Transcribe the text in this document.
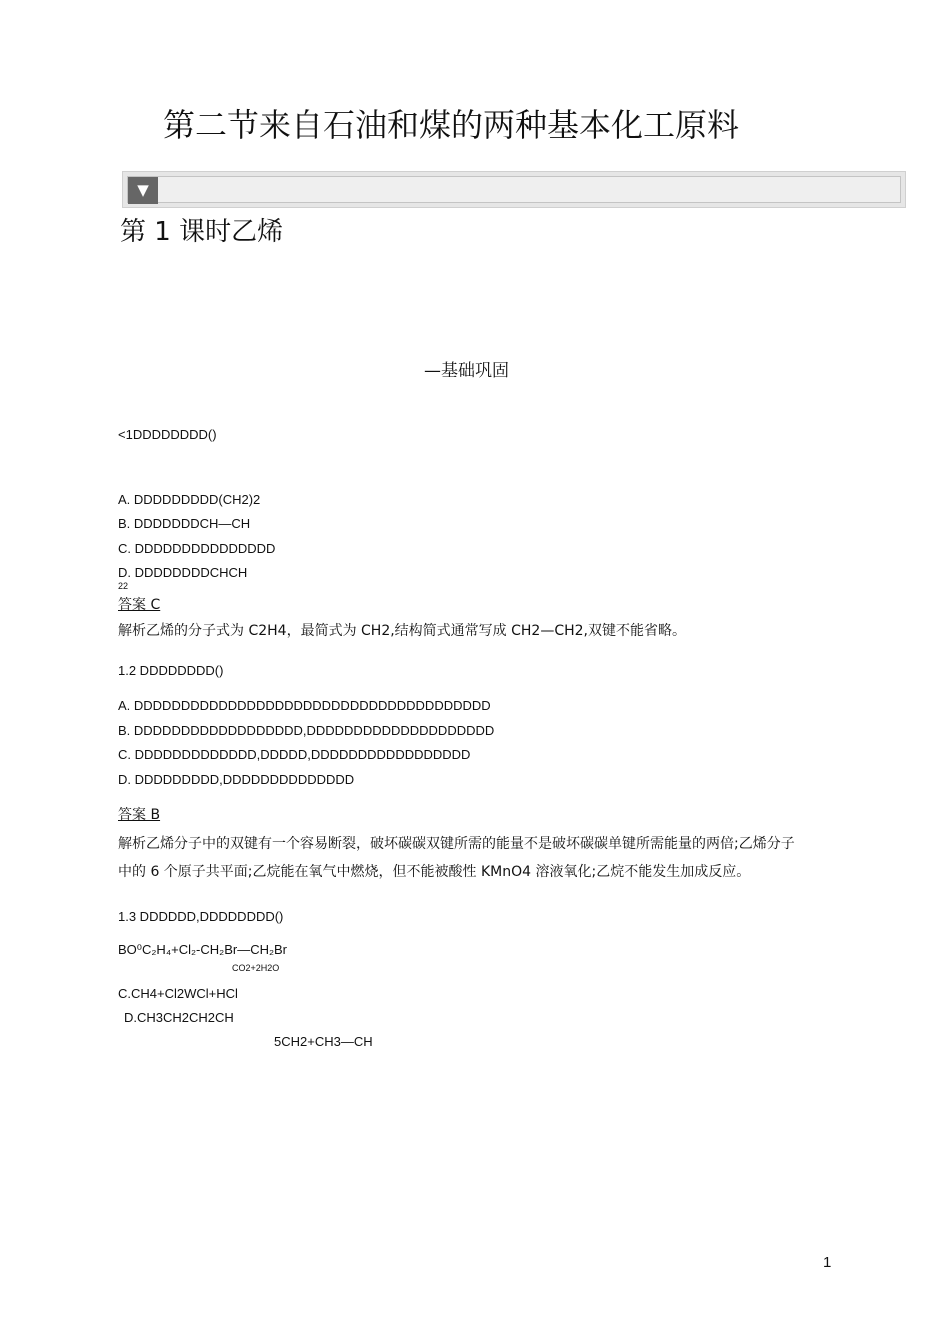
第二节来自石油和煤的两种基本化工原料
▼
第 1 课时乙烯
—基础巩固
<1DDDDDDDD()
A. DDDDDDDDD(CH2)2
B. DDDDDDDCH—CH
C. DDDDDDDDDDDDDDD
D. DDDDDDDDCHCH
22
答案 C
解析乙烯的分子式为 C2H4，最简式为 CH2,结构简式通常写成 CH2—CH2,双键不能省略。
1.2 DDDDDDDD()
A. DDDDDDDDDDDDDDDDDDDDDDDDDDDDDDDDDDDDDD
B. DDDDDDDDDDDDDDDDDD,DDDDDDDDDDDDDDDDDDDD
C. DDDDDDDDDDDDD,DDDDD,DDDDDDDDDDDDDDDDD
D. DDDDDDDDD,DDDDDDDDDDDDDD
答案 B
解析乙烯分子中的双键有一个容易断裂，破坏碳碳双键所需的能量不是破坏碳碳单键所需能量的两倍;乙烯分子
中的 6 个原子共平面;乙烷能在氧气中燃烧，但不能被酸性 KMnO4 溶液氧化;乙烷不能发生加成反应。
1.3 DDDDDD,DDDDDDDD()
BO⁰C₂H₄+Cl₂-CH₂Br—CH₂Br
CO2+2H2O
C.CH4+Cl2WCl+HCl
D.CH3CH2CH2CH
5CH2+CH3—CH
1
